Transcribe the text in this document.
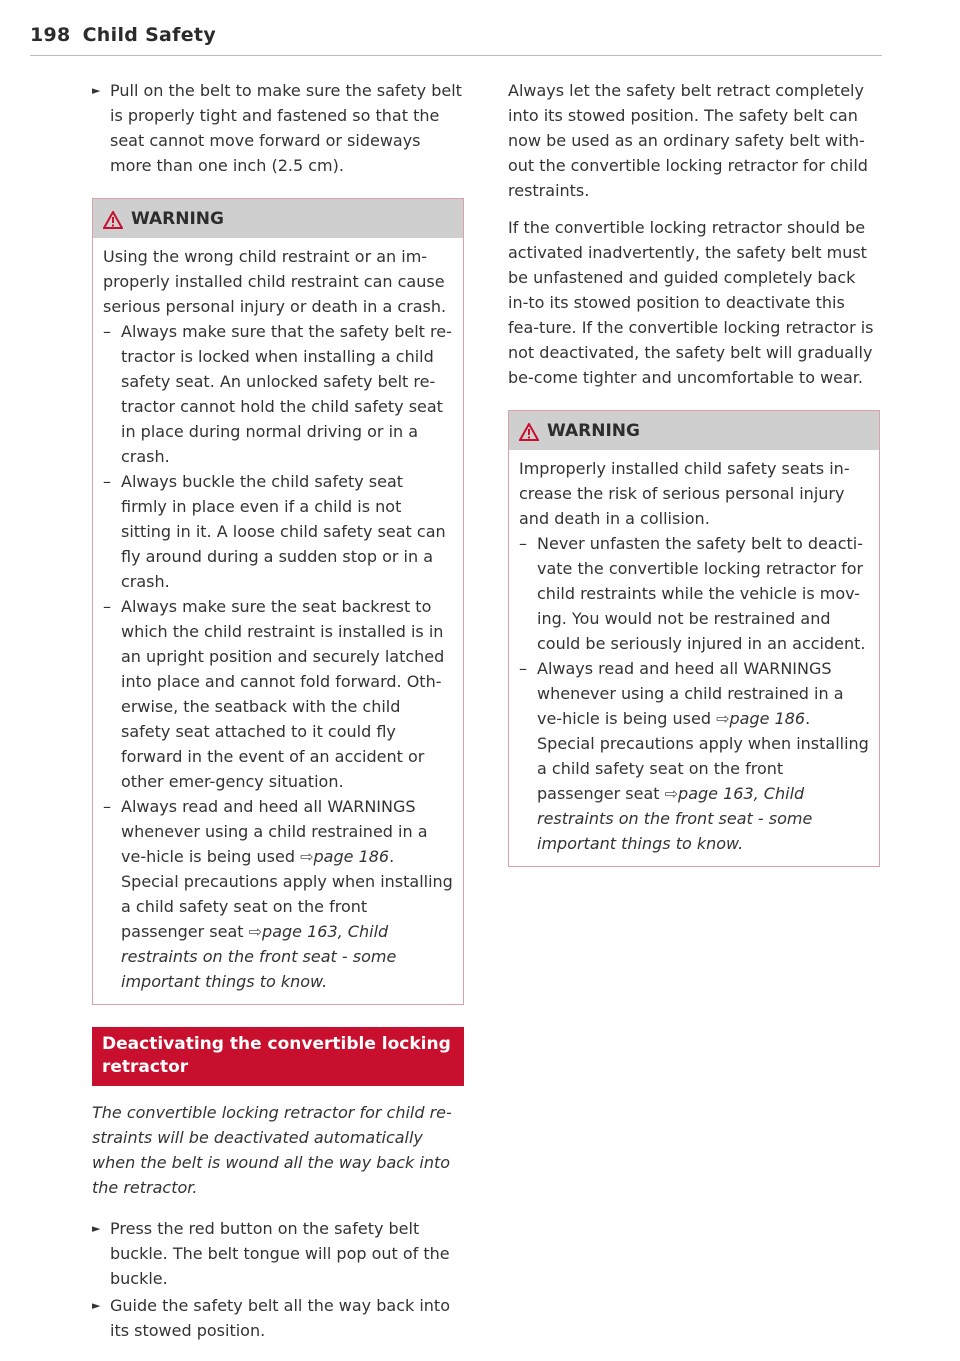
198 Child Safety
► Pull on the belt to make sure the safety belt is properly tight and fastened so that the seat cannot move forward or sideways more than one inch (2.5 cm).
WARNING
Using the wrong child restraint or an im-properly installed child restraint can cause serious personal injury or death in a crash.
– Always make sure that the safety belt re-tractor is locked when installing a child safety seat. An unlocked safety belt re-tractor cannot hold the child safety seat in place during normal driving or in a crash.
– Always buckle the child safety seat firmly in place even if a child is not sitting in it. A loose child safety seat can fly around during a sudden stop or in a crash.
– Always make sure the seat backrest to which the child restraint is installed is in an upright position and securely latched into place and cannot fold forward. Oth-erwise, the seatback with the child safety seat attached to it could fly forward in the event of an accident or other emer-gency situation.
– Always read and heed all WARNINGS whenever using a child restrained in a ve-hicle is being used ⇨page 186. Special precautions apply when installing a child safety seat on the front passenger seat ⇨page 163, Child restraints on the front seat - some important things to know.
Deactivating the convertible locking retractor
The convertible locking retractor for child re-straints will be deactivated automatically when the belt is wound all the way back into the retractor.
► Press the red button on the safety belt buckle. The belt tongue will pop out of the buckle.
► Guide the safety belt all the way back into its stowed position.
Always let the safety belt retract completely into its stowed position. The safety belt can now be used as an ordinary safety belt with-out the convertible locking retractor for child restraints.
If the convertible locking retractor should be activated inadvertently, the safety belt must be unfastened and guided completely back in-to its stowed position to deactivate this fea-ture. If the convertible locking retractor is not deactivated, the safety belt will gradually be-come tighter and uncomfortable to wear.
WARNING
Improperly installed child safety seats in-crease the risk of serious personal injury and death in a collision.
– Never unfasten the safety belt to deacti-vate the convertible locking retractor for child restraints while the vehicle is mov-ing. You would not be restrained and could be seriously injured in an accident.
– Always read and heed all WARNINGS whenever using a child restrained in a ve-hicle is being used ⇨page 186. Special precautions apply when installing a child safety seat on the front passenger seat ⇨page 163, Child restraints on the front seat - some important things to know.
